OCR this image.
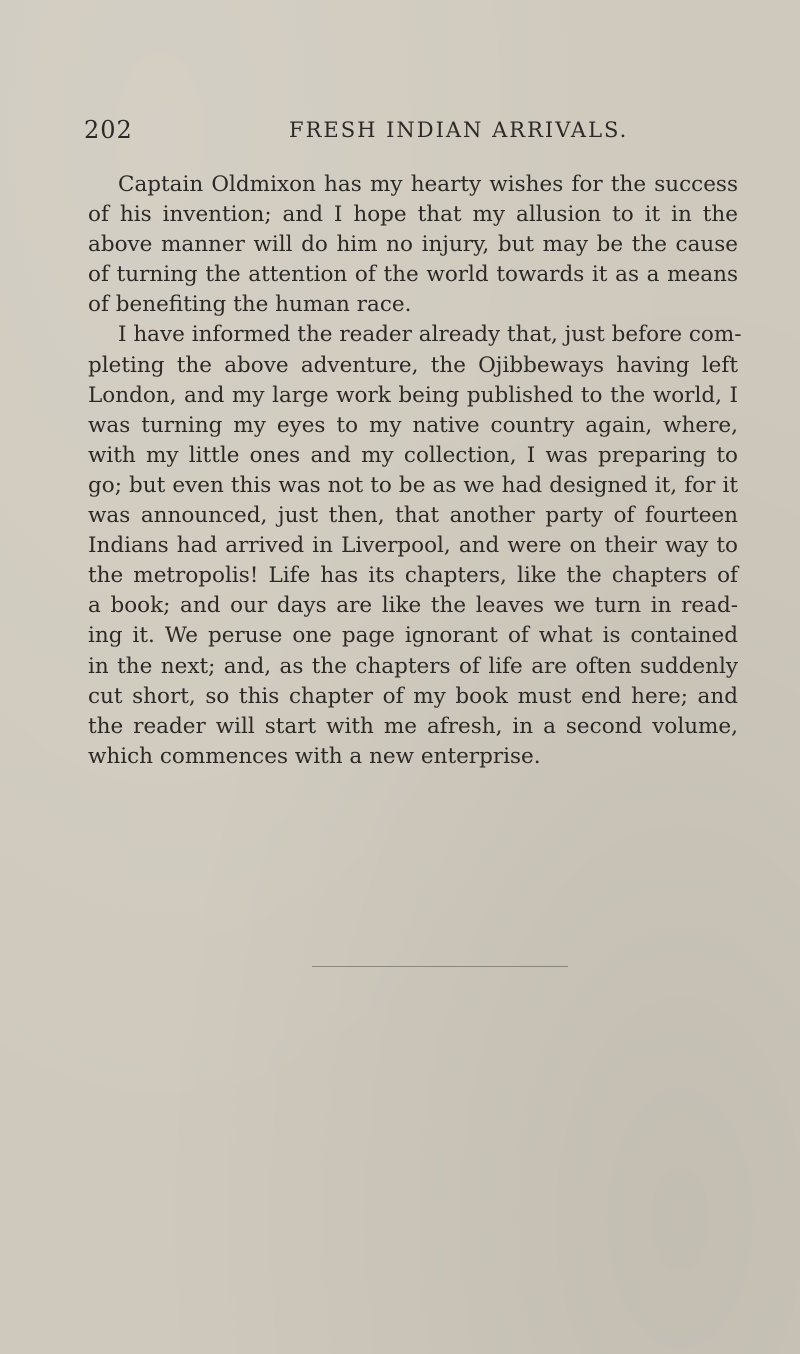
202	FRESH INDIAN ARRIVALS.
Captain Oldmixon has my hearty wishes for the success
of his invention; and I hope that my allusion to it in the
above manner will do him no injury, but may be the cause
of turning the attention of the world towards it as a means
of benefiting the human race.
I have informed the reader already that, just before com-
pleting the above adventure, the Ojibbeways having left
London, and my large work being published to the world, I
was turning my eyes to my native country again, where,
with my little ones and my collection, I was preparing to
go; but even this was not to be as we had designed it, for it
was announced, just then, that another party of fourteen
Indians had arrived in Liverpool, and were on their way to
the metropolis! Life has its chapters, like the chapters of
a book; and our days are like the leaves we turn in read-
ing it. We peruse one page ignorant of what is contained
in the next; and, as the chapters of life are often suddenly
cut short, so this chapter of my book must end here; and
the reader will start with me afresh, in a second volume,
which commences with a new enterprise.
